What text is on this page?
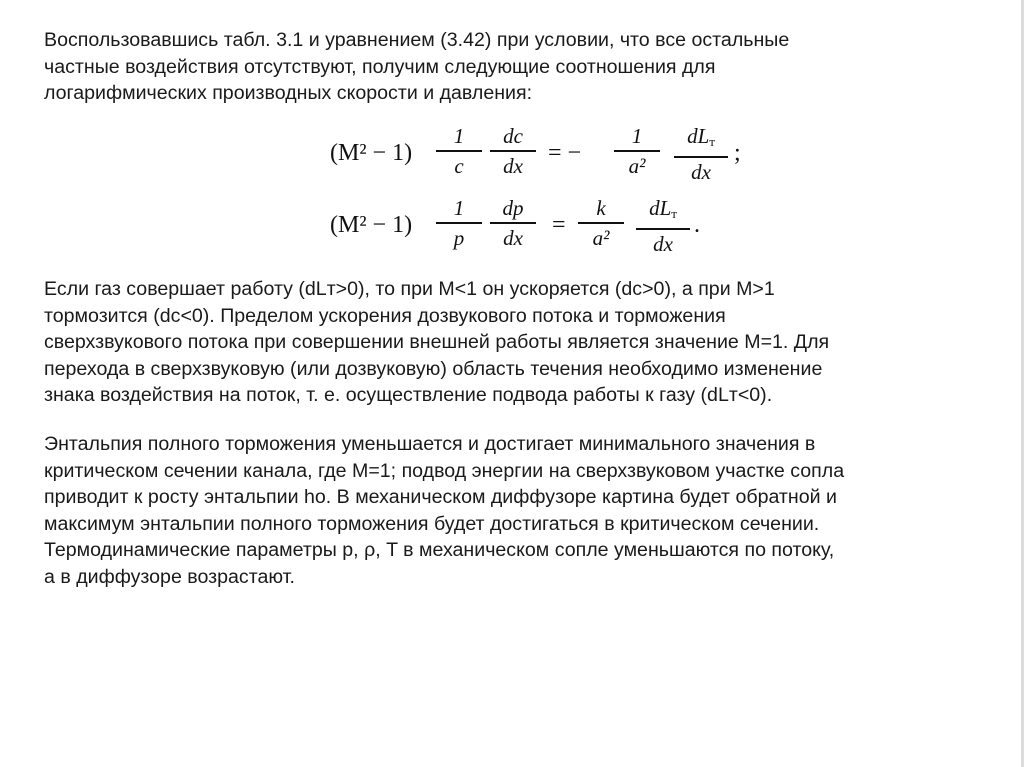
Воспользовавшись табл. 3.1 и уравнением (3.42) при условии, что все остальные
частные воздействия отсутствуют, получим следующие соотношения для
логарифмических производных скорости и давления:
(M² − 1)
1
c
dc
dx	= −
1
a²
$dL_т$
dx
;
(M² − 1)
1
p
dp
dx	=
k
a²
$dL_т$
dx
.
Если газ совершает работу (dLт>0), то при M<1 он ускоряется (dc>0), а при M>1
тормозится (dc<0). Пределом ускорения дозвукового потока и торможения
сверхзвукового потока при совершении внешней работы является значение M=1. Для
перехода в сверхзвуковую (или дозвуковую) область течения необходимо изменение
знака воздействия на поток, т. е. осуществление подвода работы к газу (dLт<0).
Энтальпия полного торможения уменьшается и достигает минимального значения в
критическом сечении канала, где M=1; подвод энергии на сверхзвуковом участке сопла
приводит к росту энтальпии hо. В механическом диффузоре картина будет обратной и
максимум энтальпии полного торможения будет достигаться в критическом сечении.
Термодинамические параметры p, ρ, T в механическом сопле уменьшаются по потоку,
а в диффузоре возрастают.
